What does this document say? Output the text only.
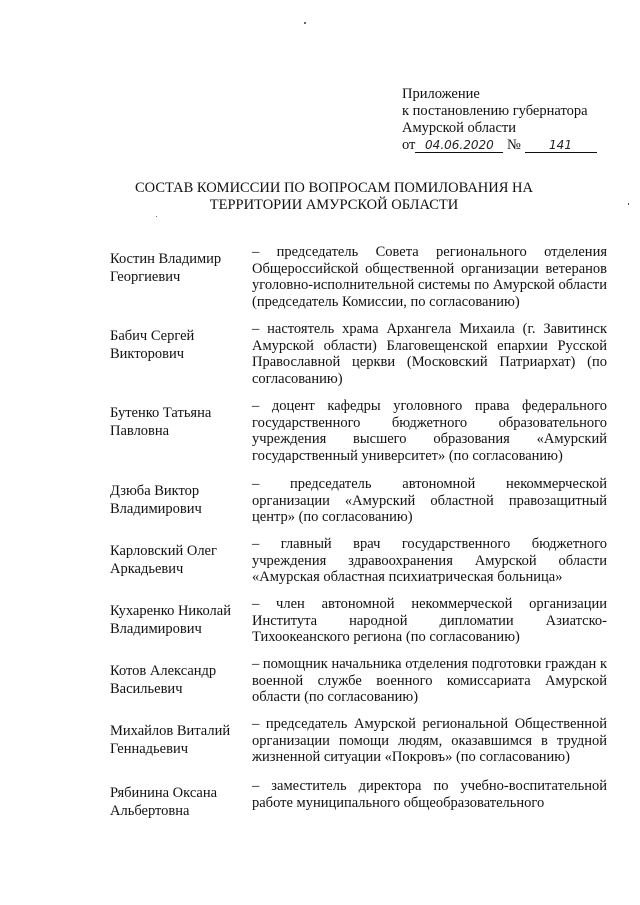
Приложение
к постановлению губернатора
Амурской области
от 04.06.2020 № 141
СОСТАВ КОМИССИИ ПО ВОПРОСАМ ПОМИЛОВАНИЯ НА
ТЕРРИТОРИИ АМУРСКОЙ ОБЛАСТИ
Костин Владимир
Георгиевич
– председатель Совета регионального отделения Общероссийской общественной организации ветеранов уголовно-исполнительной системы по Амурской области (председатель Комиссии, по согласованию)
Бабич Сергей
Викторович
– настоятель храма Архангела Михаила (г. Завитинск Амурской области) Благовещенской епархии Русской Православной церкви (Московский Патриархат) (по согласованию)
Бутенко Татьяна
Павловна
– доцент кафедры уголовного права федерального государственного бюджетного образовательного учреждения высшего образования «Амурский государственный университет» (по согласованию)
Дзюба Виктор
Владимирович
– председатель автономной некоммерческой организации «Амурский областной правозащитный центр» (по согласованию)
Карловский Олег
Аркадьевич
– главный врач государственного бюджетного учреждения здравоохранения Амурской области «Амурская областная психиатрическая больница»
Кухаренко Николай
Владимирович
– член автономной некоммерческой организации Института народной дипломатии Азиатско-Тихоокеанского региона (по согласованию)
Котов Александр
Васильевич
– помощник начальника отделения подготовки граждан к военной службе военного комиссариата Амурской области (по согласованию)
Михайлов Виталий
Геннадьевич
– председатель Амурской региональной Общественной организации помощи людям, оказавшимся в трудной жизненной ситуации «Покровъ» (по согласованию)
Рябинина Оксана
Альбертовна
– заместитель директора по учебно-воспитательной работе муниципального общеобразовательного
